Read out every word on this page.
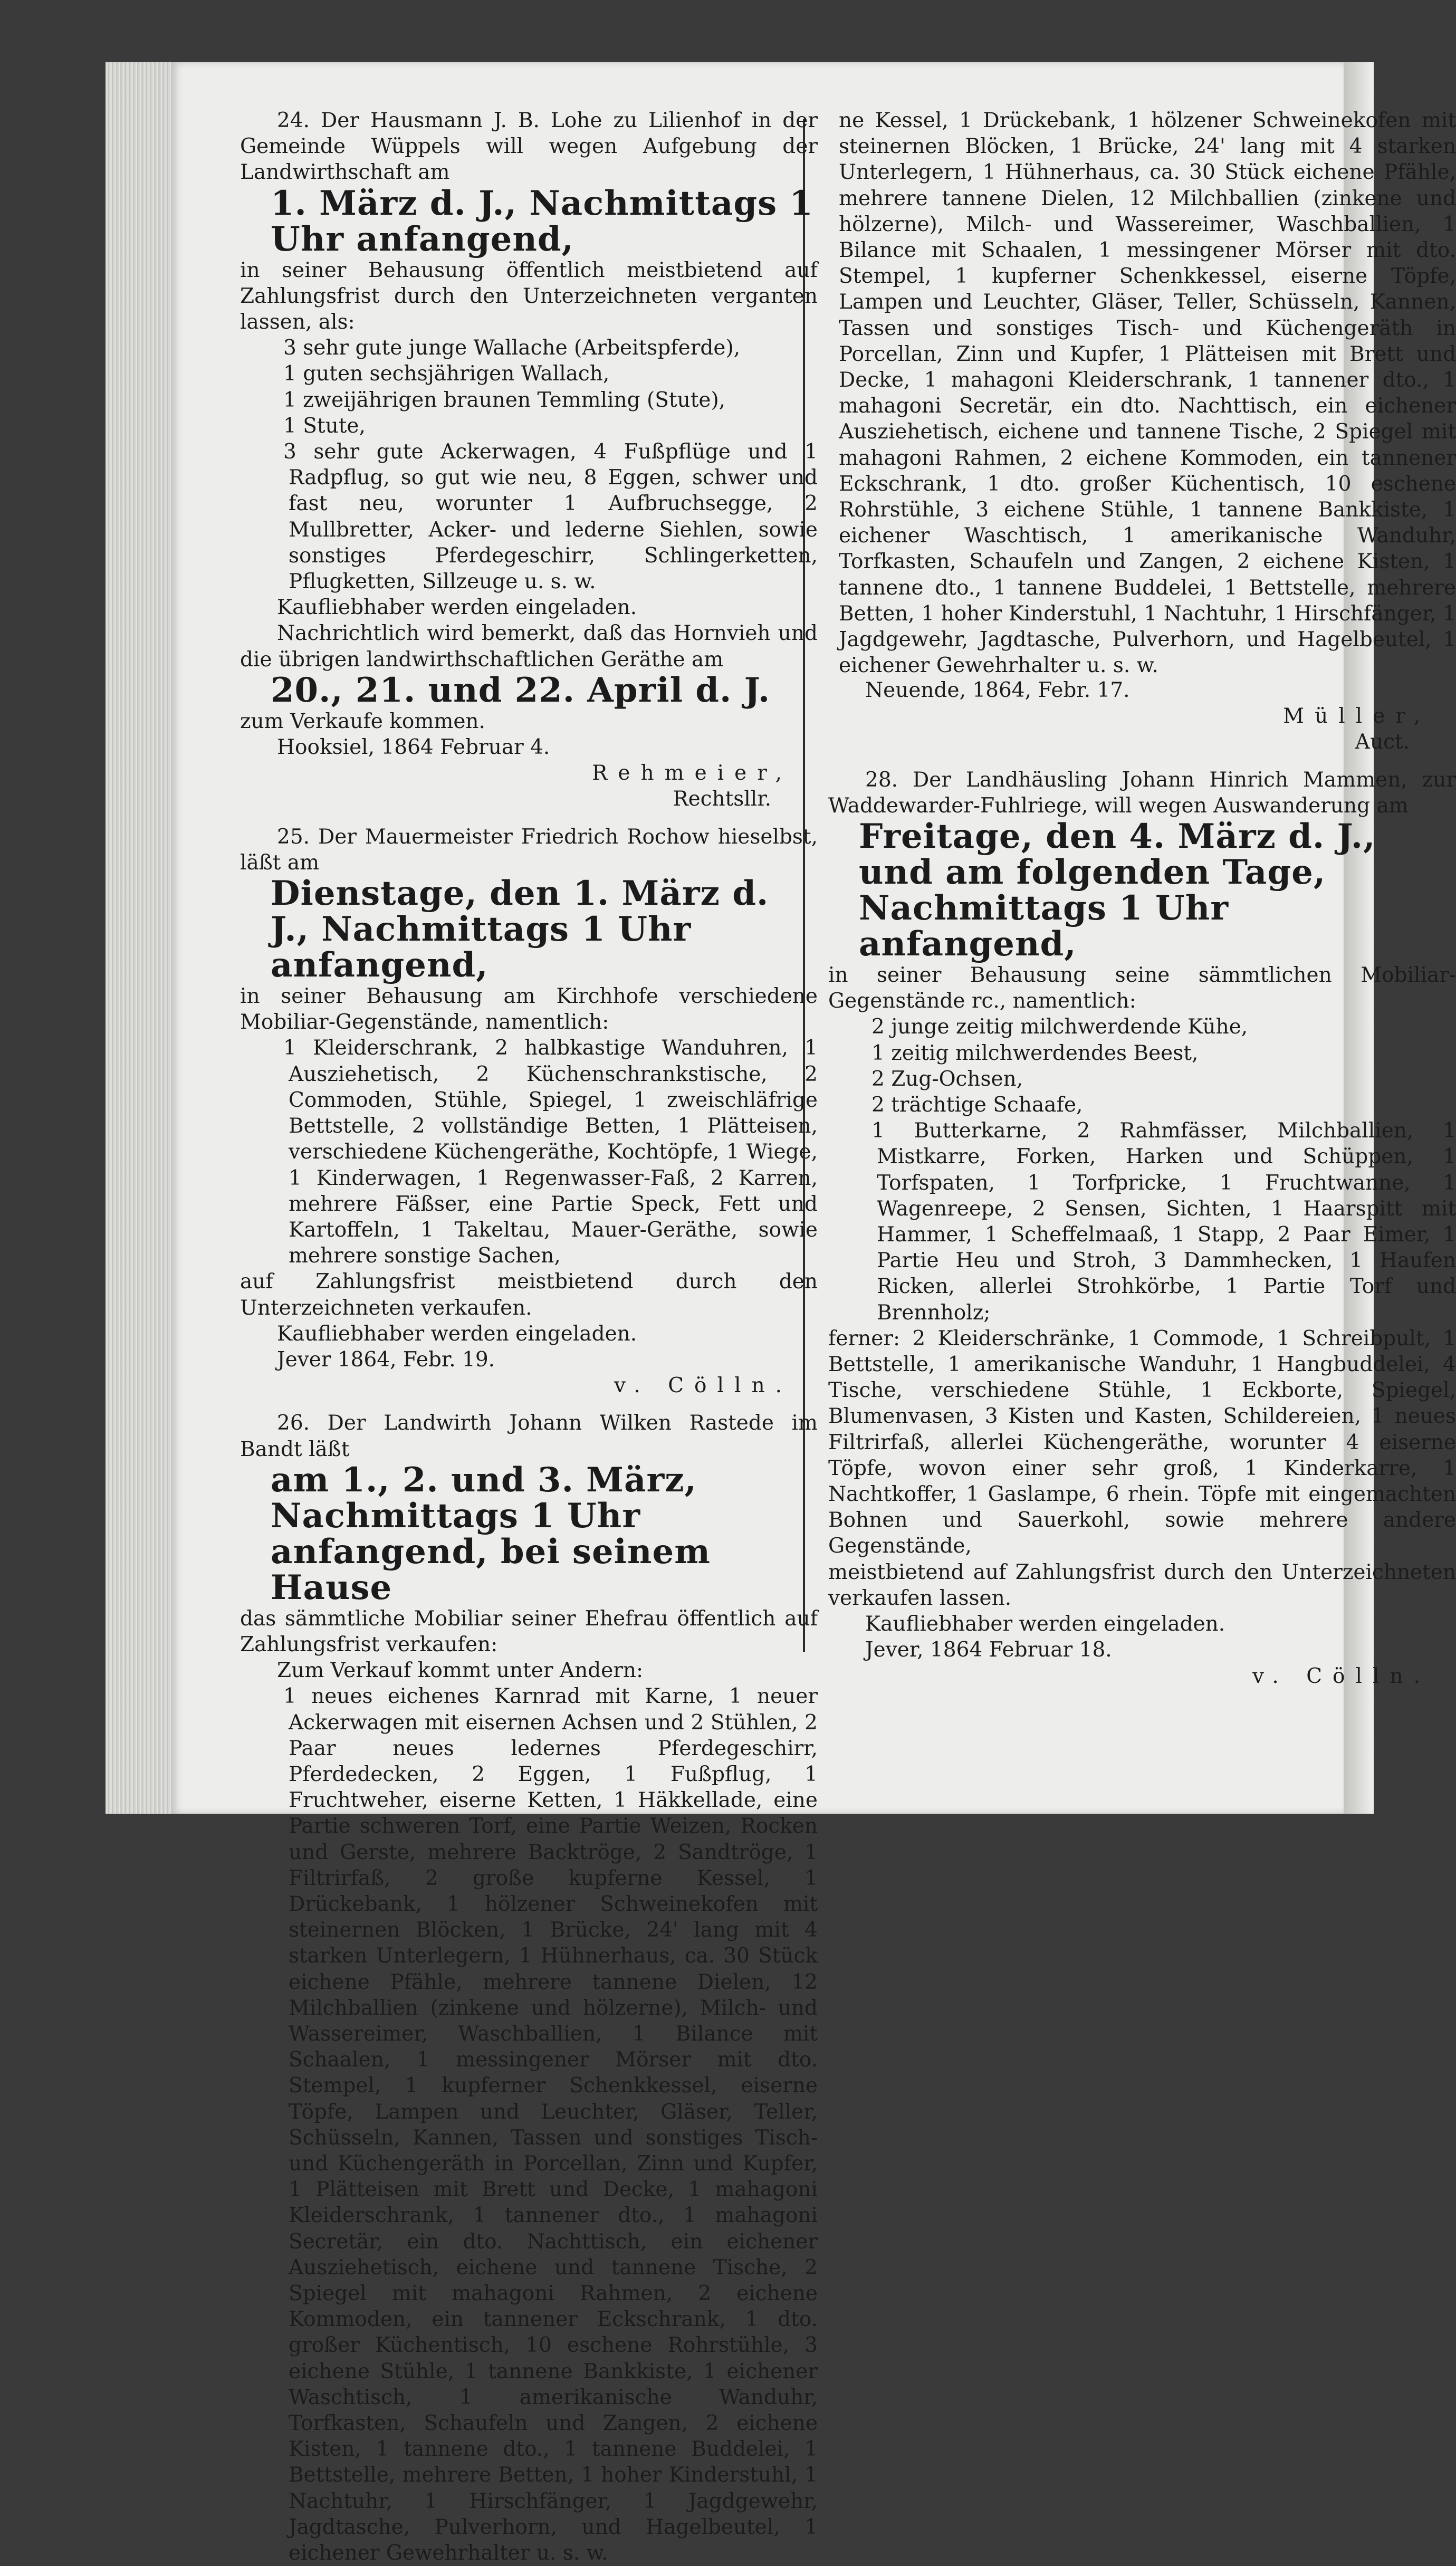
24. Der Hausmann J. B. Lohe zu Lilienhof in der Gemeinde Wüppels will wegen Aufgebung der Landwirthschaft am

1. März d. J., Nachmittags 1 Uhr anfangend,

in seiner Behausung öffentlich meistbietend auf Zahlungsfrist durch den Unterzeichneten verganten lassen, als:

3 sehr gute junge Wallache (Arbeitspferde),

1 guten sechsjährigen Wallach,

1 zweijährigen braunen Temmling (Stute),

1 Stute,

3 sehr gute Ackerwagen, 4 Fußpflüge und 1 Radpflug, so gut wie neu, 8 Eggen, schwer und fast neu, worunter 1 Aufbruchsegge, 2 Mullbretter, Acker- und lederne Siehlen, sowie sonstiges Pferdegeschirr, Schlingerketten, Pflugketten, Sillzeuge u. s. w.

Kaufliebhaber werden eingeladen.

Nachrichtlich wird bemerkt, daß das Hornvieh und die übrigen landwirthschaftlichen Geräthe am

20., 21. und 22. April d. J.

zum Verkaufe kommen.

Hooksiel, 1864 Februar 4.

Rehmeier,

Rechtsllr.

25. Der Mauermeister Friedrich Rochow hieselbst, läßt am

Dienstage, den 1. März d. J., Nachmittags 1 Uhr anfangend,

in seiner Behausung am Kirchhofe verschiedene Mobiliar-Gegenstände, namentlich:

1 Kleiderschrank, 2 halbkastige Wanduhren, 1 Ausziehetisch, 2 Küchenschrankstische, 2 Commoden, Stühle, Spiegel, 1 zweischläfrige Bettstelle, 2 vollständige Betten, 1 Plätteisen, verschiedene Küchengeräthe, Kochtöpfe, 1 Wiege, 1 Kinderwagen, 1 Regenwasser-Faß, 2 Karren, mehrere Fäßser, eine Partie Speck, Fett und Kartoffeln, 1 Takeltau, Mauer-Geräthe, sowie mehrere sonstige Sachen,

auf Zahlungsfrist meistbietend durch den Unterzeichneten verkaufen.

Kaufliebhaber werden eingeladen.

Jever 1864, Febr. 19.

v. Cölln.

26. Der Landwirth Johann Wilken Rastede im Bandt läßt

am 1., 2. und 3. März, Nachmittags 1 Uhr anfangend, bei seinem Hause

das sämmtliche Mobiliar seiner Ehefrau öffentlich auf Zahlungsfrist verkaufen:

Zum Verkauf kommt unter Andern:

1 neues eichenes Karnrad mit Karne, 1 neuer Ackerwagen mit eisernen Achsen und 2 Stühlen, 2 Paar neues ledernes Pferdegeschirr, Pferdedecken, 2 Eggen, 1 Fußpflug, 1 Fruchtweher, eiserne Ketten, 1 Häkkellade, eine Partie schweren Torf, eine Partie Weizen, Rocken und Gerste, mehrere Backtröge, 2 Sandtröge, 1 Filtrirfaß, 2 große kupferne Kessel, 1 Drückebank, 1 hölzener Schweinekofen mit steinernen Blöcken, 1 Brücke, 24' lang mit 4 starken Unterlegern, 1 Hühnerhaus, ca. 30 Stück eichene Pfähle, mehrere tannene Dielen, 12 Milchballien (zinkene und hölzerne), Milch- und Wassereimer, Waschballien, 1 Bilance mit Schaalen, 1 messingener Mörser mit dto. Stempel, 1 kupferner Schenkkessel, eiserne Töpfe, Lampen und Leuchter, Gläser, Teller, Schüsseln, Kannen, Tassen und sonstiges Tisch- und Küchengeräth in Porcellan, Zinn und Kupfer, 1 Plätteisen mit Brett und Decke, 1 mahagoni Kleiderschrank, 1 tannener dto., 1 mahagoni Secretär, ein dto. Nachttisch, ein eichener Ausziehetisch, eichene und tannene Tische, 2 Spiegel mit mahagoni Rahmen, 2 eichene Kommoden, ein tannener Eckschrank, 1 dto. großer Küchentisch, 10 eschene Rohrstühle, 3 eichene Stühle, 1 tannene Bankkiste, 1 eichener Waschtisch, 1 amerikanische Wanduhr, Torfkasten, Schaufeln und Zangen, 2 eichene Kisten, 1 tannene dto., 1 tannene Buddelei, 1 Bettstelle, mehrere Betten, 1 hoher Kinderstuhl, 1 Nachtuhr, 1 Hirschfänger, 1 Jagdgewehr, Jagdtasche, Pulverhorn, und Hagelbeutel, 1 eichener Gewehrhalter u. s. w.

ne Kessel, 1 Drückebank, 1 hölzener Schweinekofen mit steinernen Blöcken, 1 Brücke, 24' lang mit 4 starken Unterlegern, 1 Hühnerhaus, ca. 30 Stück eichene Pfähle, mehrere tannene Dielen, 12 Milchballien (zinkene und hölzerne), Milch- und Wassereimer, Waschballien, 1 Bilance mit Schaalen, 1 messingener Mörser mit dto. Stempel, 1 kupferner Schenkkessel, eiserne Töpfe, Lampen und Leuchter, Gläser, Teller, Schüsseln, Kannen, Tassen und sonstiges Tisch- und Küchengeräth in Porcellan, Zinn und Kupfer, 1 Plätteisen mit Brett und Decke, 1 mahagoni Kleiderschrank, 1 tannener dto., 1 mahagoni Secretär, ein dto. Nachttisch, ein eichener Ausziehetisch, eichene und tannene Tische, 2 Spiegel mit mahagoni Rahmen, 2 eichene Kommoden, ein tannener Eckschrank, 1 dto. großer Küchentisch, 10 eschene Rohrstühle, 3 eichene Stühle, 1 tannene Bankkiste, 1 eichener Waschtisch, 1 amerikanische Wanduhr, Torfkasten, Schaufeln und Zangen, 2 eichene Kisten, 1 tannene dto., 1 tannene Buddelei, 1 Bettstelle, mehrere Betten, 1 hoher Kinderstuhl, 1 Nachtuhr, 1 Hirschfänger, 1 Jagdgewehr, Jagdtasche, Pulverhorn, und Hagelbeutel, 1 eichener Gewehrhalter u. s. w.

Neuende, 1864, Febr. 17.

Müller,

Auct.

28. Der Landhäusling Johann Hinrich Mammen, zur Waddewarder-Fuhlriege, will wegen Auswanderung am

Freitage, den 4. März d. J., und am folgenden Tage, Nachmittags 1 Uhr anfangend,

in seiner Behausung seine sämmtlichen Mobiliar-Gegenstände rc., namentlich:

2 junge zeitig milchwerdende Kühe,

1 zeitig milchwerdendes Beest,

2 Zug-Ochsen,

2 trächtige Schaafe,

1 Butterkarne, 2 Rahmfässer, Milchballien, 1 Mistkarre, Forken, Harken und Schüppen, 1 Torfspaten, 1 Torfpricke, 1 Fruchtwanne, 1 Wagenreepe, 2 Sensen, Sichten, 1 Haarspitt mit Hammer, 1 Scheffelmaaß, 1 Stapp, 2 Paar Eimer, 1 Partie Heu und Stroh, 3 Dammhecken, 1 Haufen Ricken, allerlei Strohkörbe, 1 Partie Torf und Brennholz;

ferner: 2 Kleiderschränke, 1 Commode, 1 Schreibpult, 1 Bettstelle, 1 amerikanische Wanduhr, 1 Hangbuddelei, 4 Tische, verschiedene Stühle, 1 Eckborte, Spiegel, Blumenvasen, 3 Kisten und Kasten, Schildereien, 1 neues Filtrirfaß, allerlei Küchengeräthe, worunter 4 eiserne Töpfe, wovon einer sehr groß, 1 Kinderkarre, 1 Nachtkoffer, 1 Gaslampe, 6 rhein. Töpfe mit eingemachten Bohnen und Sauerkohl, sowie mehrere andere Gegenstände,

meistbietend auf Zahlungsfrist durch den Unterzeichneten verkaufen lassen.

Kaufliebhaber werden eingeladen.

Jever, 1864 Februar 18.

v. Cölln.
